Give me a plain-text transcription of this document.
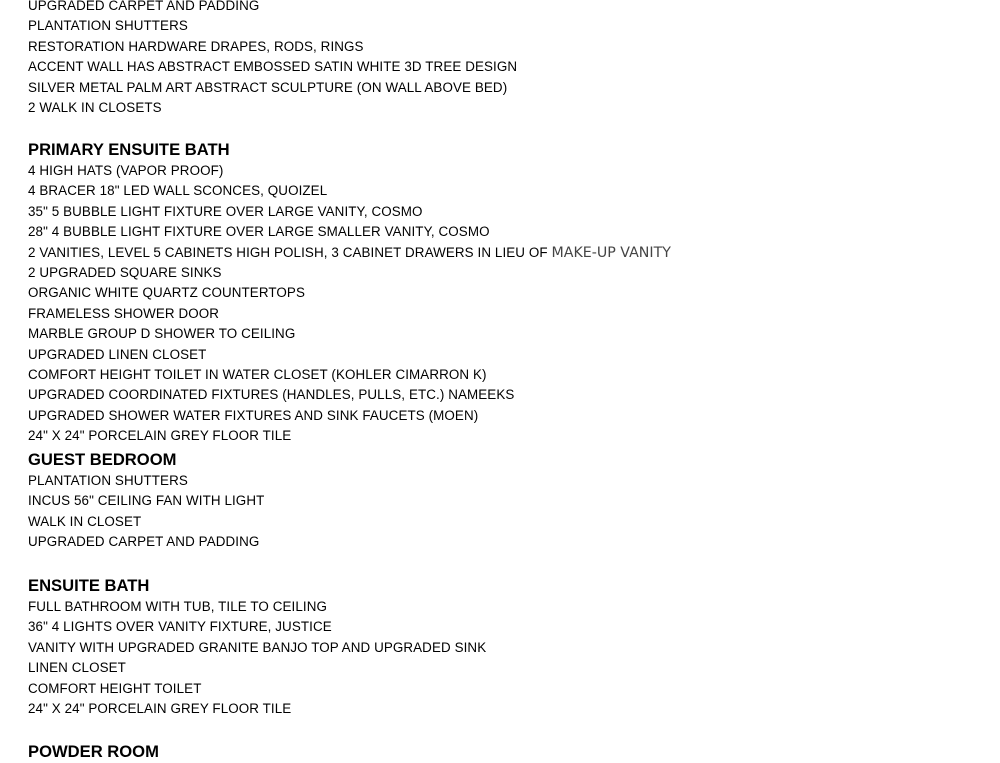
UPGRADED CARPET AND PADDING
PLANTATION SHUTTERS
RESTORATION HARDWARE DRAPES, RODS, RINGS
ACCENT WALL HAS ABSTRACT EMBOSSED SATIN WHITE 3D TREE DESIGN
SILVER METAL PALM ART ABSTRACT SCULPTURE (ON WALL ABOVE BED)
2 WALK IN CLOSETS
PRIMARY ENSUITE BATH
4 HIGH HATS (VAPOR PROOF)
4 BRACER 18" LED WALL SCONCES, QUOIZEL
35" 5 BUBBLE LIGHT FIXTURE OVER LARGE VANITY, COSMO
28" 4 BUBBLE LIGHT FIXTURE OVER LARGE SMALLER VANITY, COSMO
2 VANITIES, LEVEL 5 CABINETS HIGH POLISH, 3 CABINET DRAWERS IN LIEU OF MAKE-UP VANITY
2 UPGRADED SQUARE SINKS
ORGANIC WHITE QUARTZ COUNTERTOPS
FRAMELESS SHOWER DOOR
MARBLE GROUP D SHOWER TO CEILING
UPGRADED LINEN CLOSET
COMFORT HEIGHT TOILET IN WATER CLOSET (KOHLER CIMARRON K)
UPGRADED COORDINATED FIXTURES (HANDLES, PULLS, ETC.) NAMEEKS
UPGRADED SHOWER WATER FIXTURES AND SINK FAUCETS (MOEN)
24" X 24" PORCELAIN GREY FLOOR TILE
GUEST BEDROOM
PLANTATION SHUTTERS
INCUS 56" CEILING FAN WITH LIGHT
WALK IN CLOSET
UPGRADED CARPET AND PADDING
ENSUITE BATH
FULL BATHROOM WITH TUB, TILE TO CEILING
36" 4 LIGHTS OVER VANITY FIXTURE, JUSTICE
VANITY WITH UPGRADED GRANITE BANJO TOP AND UPGRADED SINK
LINEN CLOSET
COMFORT HEIGHT TOILET
24" X 24" PORCELAIN GREY FLOOR TILE
POWDER ROOM
